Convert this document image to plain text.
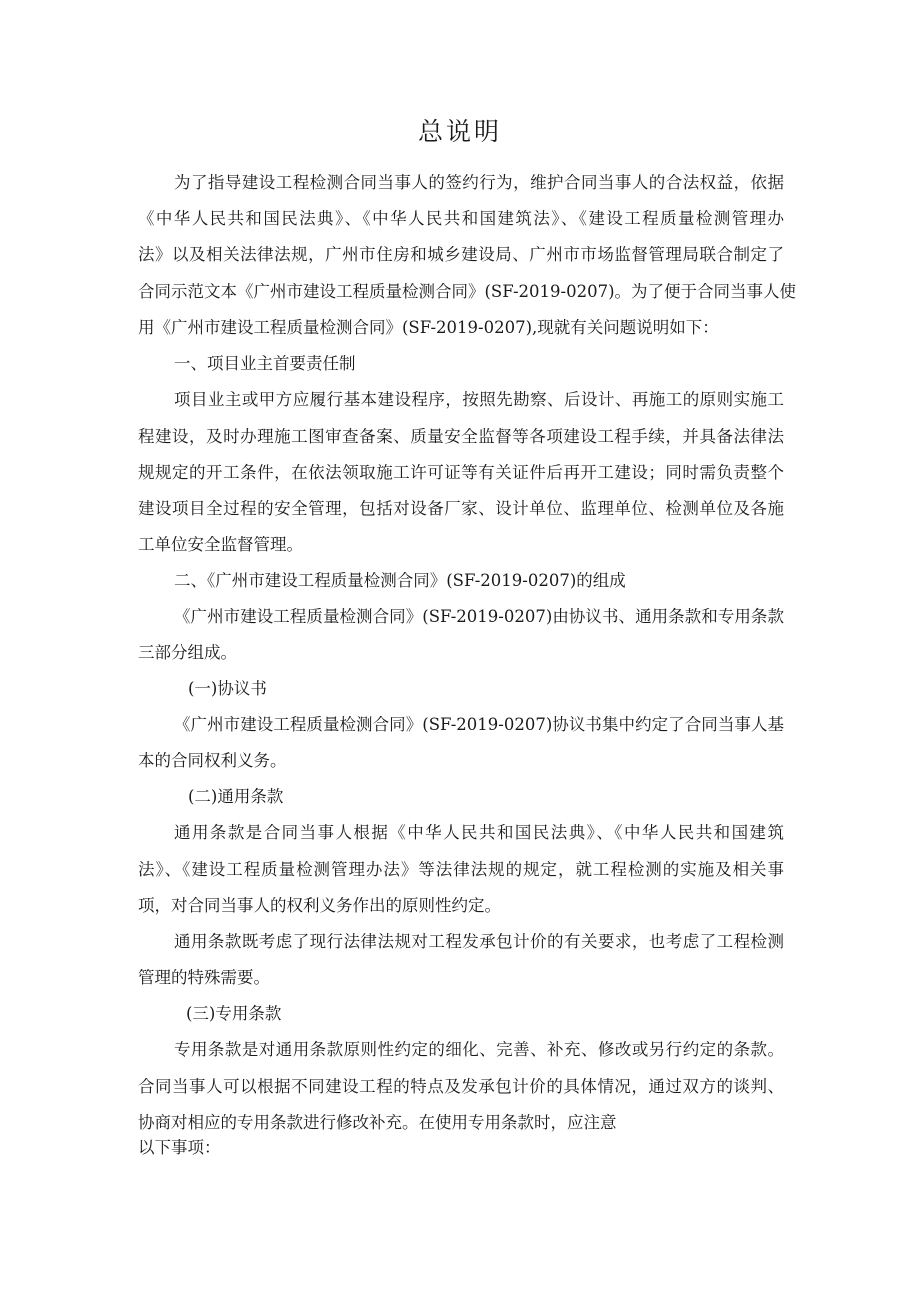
总说明
为了指导建设工程检测合同当事人的签约行为，维护合同当事人的合法权益，依据
《中华人民共和国民法典》、《中华人民共和国建筑法》、《建设工程质量检测管理办
法》以及相关法律法规，广州市住房和城乡建设局、广州市市场监督管理局联合制定了
合同示范文本《广州市建设工程质量检测合同》(SF-2019-0207)。为了便于合同当事人使
用《广州市建设工程质量检测合同》(SF-2019-0207),现就有关问题说明如下：
一、项目业主首要责任制
项目业主或甲方应履行基本建设程序，按照先勘察、后设计、再施工的原则实施工
程建设，及时办理施工图审查备案、质量安全监督等各项建设工程手续，并具备法律法
规规定的开工条件，在依法领取施工许可证等有关证件后再开工建设；同时需负责整个
建设项目全过程的安全管理，包括对设备厂家、设计单位、监理单位、检测单位及各施
工单位安全监督管理。
二、《广州市建设工程质量检测合同》(SF-2019-0207)的组成
《广州市建设工程质量检测合同》(SF-2019-0207)由协议书、通用条款和专用条款
三部分组成。
(一)协议书
《广州市建设工程质量检测合同》(SF-2019-0207)协议书集中约定了合同当事人基
本的合同权利义务。
(二)通用条款
通用条款是合同当事人根据《中华人民共和国民法典》、《中华人民共和国建筑
法》、《建设工程质量检测管理办法》等法律法规的规定，就工程检测的实施及相关事
项，对合同当事人的权利义务作出的原则性约定。
通用条款既考虑了现行法律法规对工程发承包计价的有关要求，也考虑了工程检测
管理的特殊需要。
(三)专用条款
专用条款是对通用条款原则性约定的细化、完善、补充、修改或另行约定的条款。
合同当事人可以根据不同建设工程的特点及发承包计价的具体情况，通过双方的谈判、
协商对相应的专用条款进行修改补充。在使用专用条款时，应注意
以下事项：
